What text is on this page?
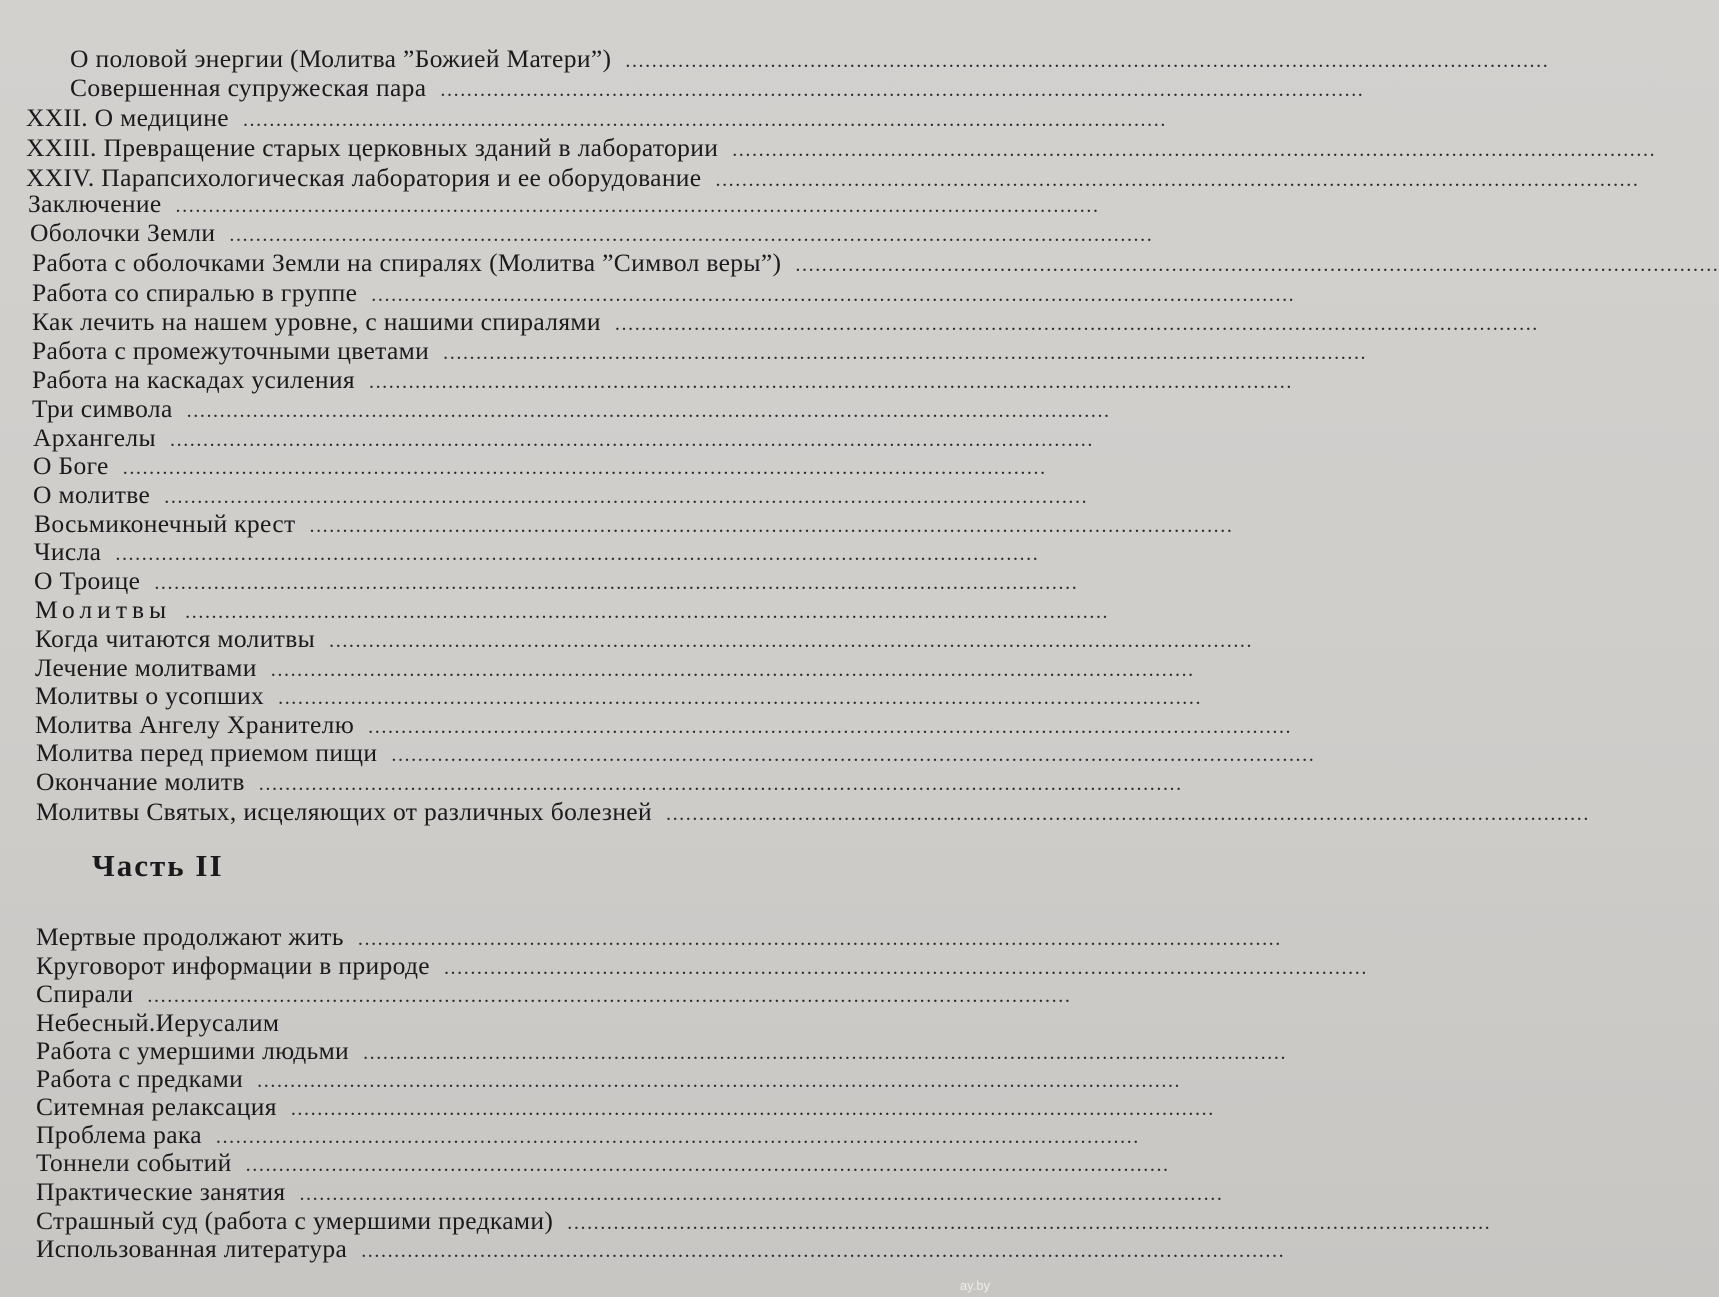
О половой энергии (Молитва ”Божией Матери”) ............................................................................................................................................
Совершенная супружеская пара ............................................................................................................................................
XXII. О медицине ............................................................................................................................................
XXIII. Превращение старых церковных зданий в лаборатории ............................................................................................................................................
XXIV. Парапсихологическая лаборатория и ее оборудование ............................................................................................................................................
Заключение ............................................................................................................................................
Оболочки Земли ............................................................................................................................................
Работа с оболочками Земли на спиралях (Молитва ”Символ веры”) ............................................................................................................................................
Работа со спиралью в группе ............................................................................................................................................
Как лечить на нашем уровне, с нашими спиралями ............................................................................................................................................
Работа с промежуточными цветами ............................................................................................................................................
Работа на каскадах усиления ............................................................................................................................................
Три символа ............................................................................................................................................
Архангелы ............................................................................................................................................
О Боге ............................................................................................................................................
О молитве ............................................................................................................................................
Восьмиконечный крест ............................................................................................................................................
Числа ............................................................................................................................................
О Троице ............................................................................................................................................
Молитвы ............................................................................................................................................
Когда читаются молитвы ............................................................................................................................................
Лечение молитвами ............................................................................................................................................
Молитвы о усопших ............................................................................................................................................
Молитва Ангелу Хранителю ............................................................................................................................................
Молитва перед приемом пищи ............................................................................................................................................
Окончание молитв ............................................................................................................................................
Молитвы Святых, исцеляющих от различных болезней ............................................................................................................................................
Часть II
Мертвые продолжают жить ............................................................................................................................................
Круговорот информации в природе ............................................................................................................................................
Спирали ............................................................................................................................................
Небесный.Иерусалим
Работа с умершими людьми ............................................................................................................................................
Работа с предками ............................................................................................................................................
Ситемная релаксация ............................................................................................................................................
Проблема рака ............................................................................................................................................
Тоннели событий ............................................................................................................................................
Практические занятия ............................................................................................................................................
Страшный суд (работа с умершими предками) ............................................................................................................................................
Использованная литература ............................................................................................................................................
ay.by
